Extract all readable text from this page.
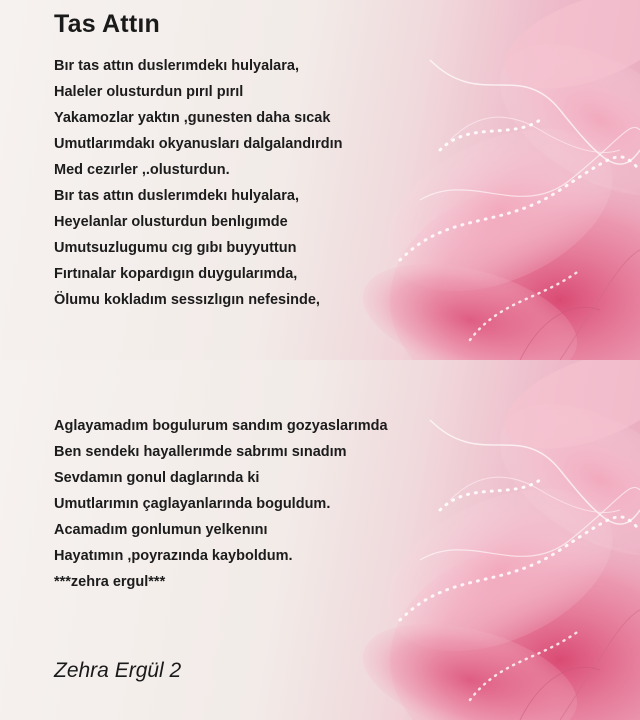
Tas Attın
Bır tas attın duslerımdekı hulyalara,
Haleler olusturdun pırıl pırıl
Yakamozlar yaktın ,gunesten daha sıcak
Umutlarımdakı okyanusları dalgalandırdın
Med cezırler ,.olusturdun.
Bır tas attın duslerımdekı hulyalara,
Heyelanlar olusturdun benlıgımde
Umutsuzlugumu cıg gıbı buyyuttun
Fırtınalar kopardıgın duygularımda,
Ölumu kokladım sessızlıgın nefesinde,
Aglayamadım bogulurum sandım gozyaslarımda
Ben sendekı hayallerımde sabrımı sınadım
Sevdamın gonul daglarında ki
Umutlarımın çaglayanlarında boguldum.
Acamadım gonlumun yelkenını
Hayatımın ,poyrazında kayboldum.
***zehra ergul***
Zehra Ergül 2
